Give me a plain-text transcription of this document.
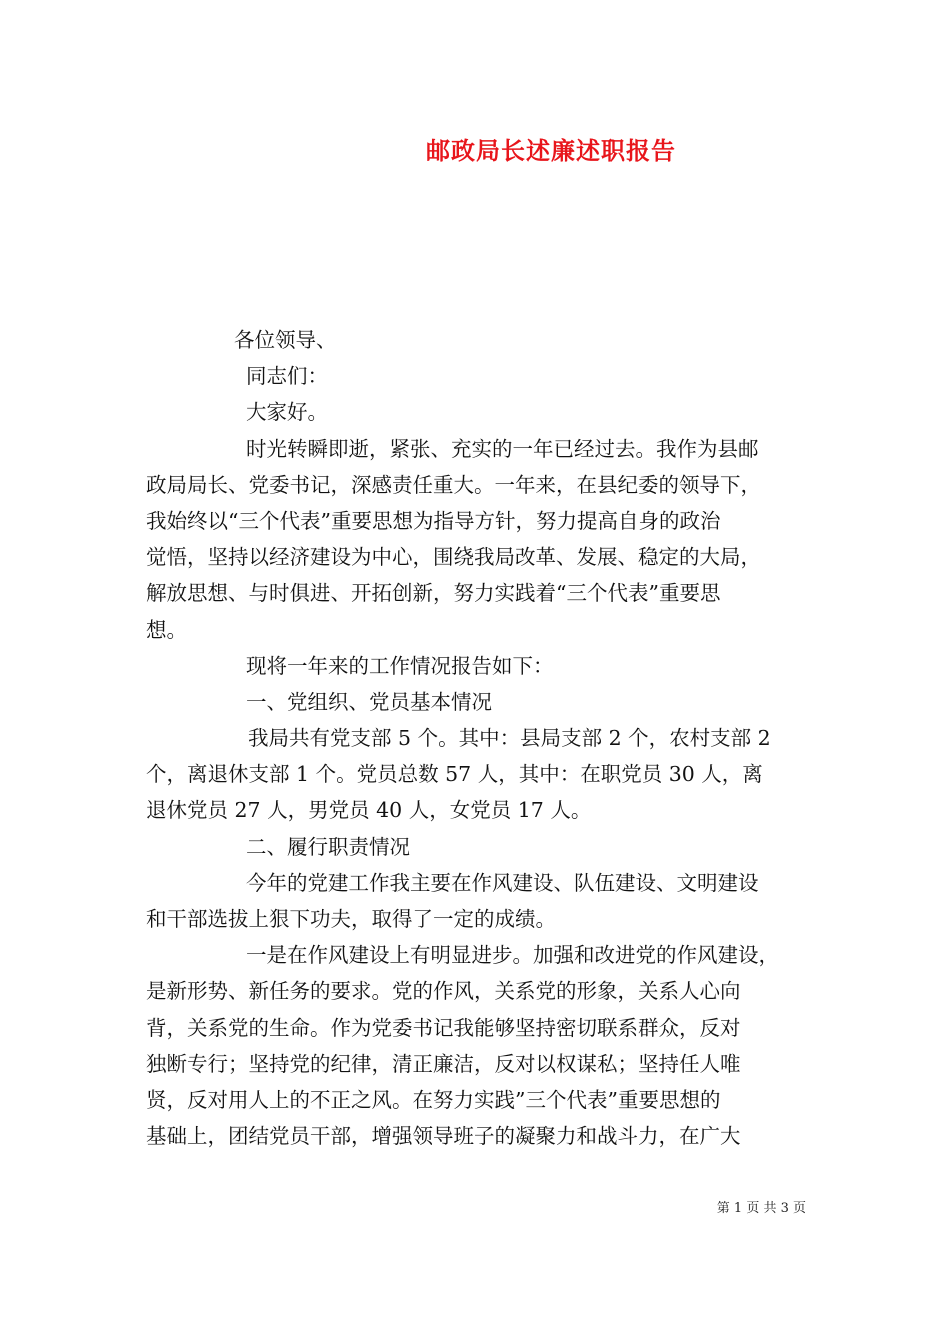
邮政局长述廉述职报告
各位领导、
同志们：
大家好。
时光转瞬即逝，紧张、充实的一年已经过去。我作为县邮
政局局长、党委书记，深感责任重大。一年来，在县纪委的领导下，
我始终以“三个代表”重要思想为指导方针，努力提高自身的政治
觉悟，坚持以经济建设为中心，围绕我局改革、发展、稳定的大局，
解放思想、与时俱进、开拓创新，努力实践着“三个代表”重要思
想。
现将一年来的工作情况报告如下：
一、党组织、党员基本情况
我局共有党支部 5 个。其中：县局支部 2 个，农村支部 2
个，离退休支部 1 个。党员总数 57 人，其中：在职党员 30 人，离
退休党员 27 人，男党员 40 人，女党员 17 人。
二、履行职责情况
今年的党建工作我主要在作风建设、队伍建设、文明建设
和干部选拔上狠下功夫，取得了一定的成绩。
一是在作风建设上有明显进步。加强和改进党的作风建设，
是新形势、新任务的要求。党的作风，关系党的形象，关系人心向
背，关系党的生命。作为党委书记我能够坚持密切联系群众，反对
独断专行；坚持党的纪律，清正廉洁，反对以权谋私；坚持任人唯
贤，反对用人上的不正之风。在努力实践”三个代表”重要思想的
基础上，团结党员干部，增强领导班子的凝聚力和战斗力，在广大
第 1 页 共 3 页
